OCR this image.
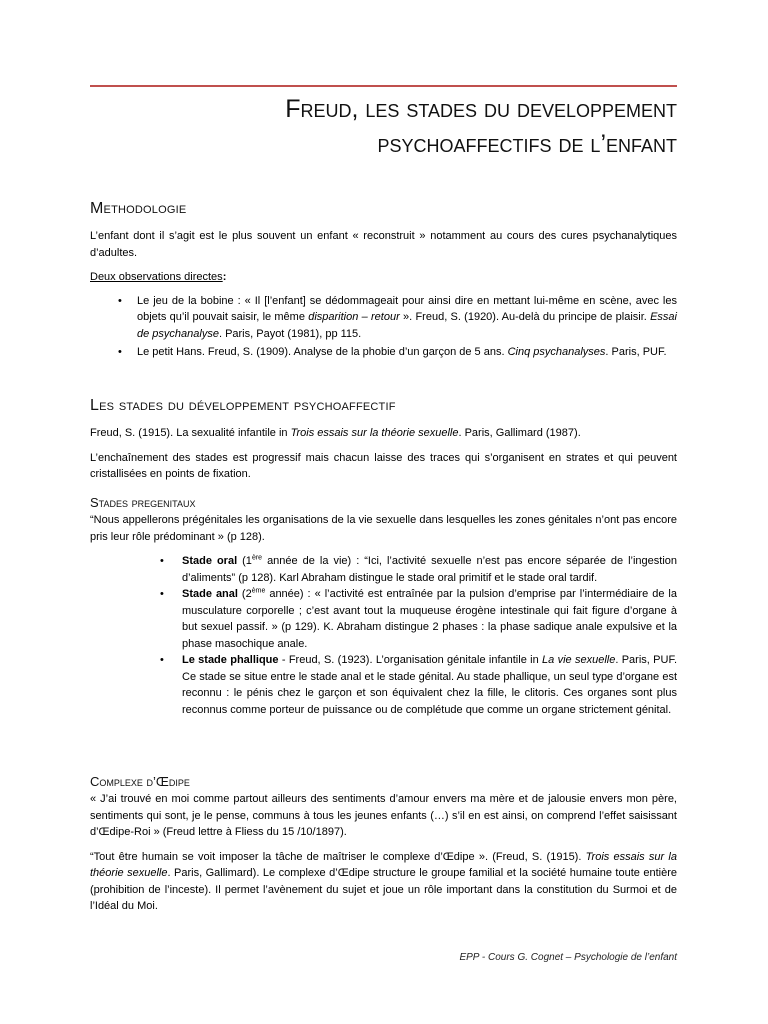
Freud, les stades du developpement
psychoaffectifs de l’enfant
Methodologie

L’enfant dont il s’agit est le plus souvent un enfant « reconstruit » notamment au cours des cures psychanalytiques d’adultes.

Deux observations directes:

• Le jeu de la bobine : « Il [l’enfant] se dédommageait pour ainsi dire en mettant lui-même en scène, avec les objets qu’il pouvait saisir, le même disparition – retour ». Freud, S. (1920). Au-delà du principe de plaisir. Essai de psychanalyse. Paris, Payot (1981), pp 115.
• Le petit Hans. Freud, S. (1909). Analyse de la phobie d’un garçon de 5 ans. Cinq psychanalyses. Paris, PUF.
Les stades du développement psychoaffectif

Freud, S. (1915). La sexualité infantile in Trois essais sur la théorie sexuelle. Paris, Gallimard (1987).

L’enchaînement des stades est progressif mais chacun laisse des traces qui s’organisent en strates et qui peuvent cristallisées en points de fixation.

Stades pregenitaux

“Nous appellerons prégénitales les organisations de la vie sexuelle dans lesquelles les zones génitales n’ont pas encore pris leur rôle prédominant » (p 128).

• Stade oral (1ère année de la vie) : “Ici, l’activité sexuelle n’est pas encore séparée de l’ingestion d’aliments” (p 128). Karl Abraham distingue le stade oral primitif et le stade oral tardif.
• Stade anal (2ème année) : « l’activité est entraînée par la pulsion d’emprise par l’intermédiaire de la musculature corporelle ; c’est avant tout la muqueuse érogène intestinale qui fait figure d’organe à but sexuel passif. » (p 129). K. Abraham distingue 2 phases : la phase sadique anale expulsive et la phase masochique anale.
• Le stade phallique - Freud, S. (1923). L’organisation génitale infantile in La vie sexuelle. Paris, PUF. Ce stade se situe entre le stade anal et le stade génital. Au stade phallique, un seul type d’organe est reconnu : le pénis chez le garçon et son équivalent chez la fille, le clitoris. Ces organes sont plus reconnus comme porteur de puissance ou de complétude que comme un organe strictement génital.
Complexe d’Œdipe

« J’ai trouvé en moi comme partout ailleurs des sentiments d’amour envers ma mère et de jalousie envers mon père, sentiments qui sont, je le pense, communs à tous les jeunes enfants (…) s’il en est ainsi, on comprend l’effet saisissant d’Œdipe-Roi » (Freud lettre à Fliess du 15 /10/1897).

“Tout être humain se voit imposer la tâche de maîtriser le complexe d’Œdipe ». (Freud, S. (1915). Trois essais sur la théorie sexuelle. Paris, Gallimard). Le complexe d’Œdipe structure le groupe familial et la société humaine toute entière (prohibition de l’inceste). Il permet l’avènement du sujet et joue un rôle important dans la constitution du Surmoi et de l’Idéal du Moi.

EPP - Cours G. Cognet – Psychologie de l’enfant
